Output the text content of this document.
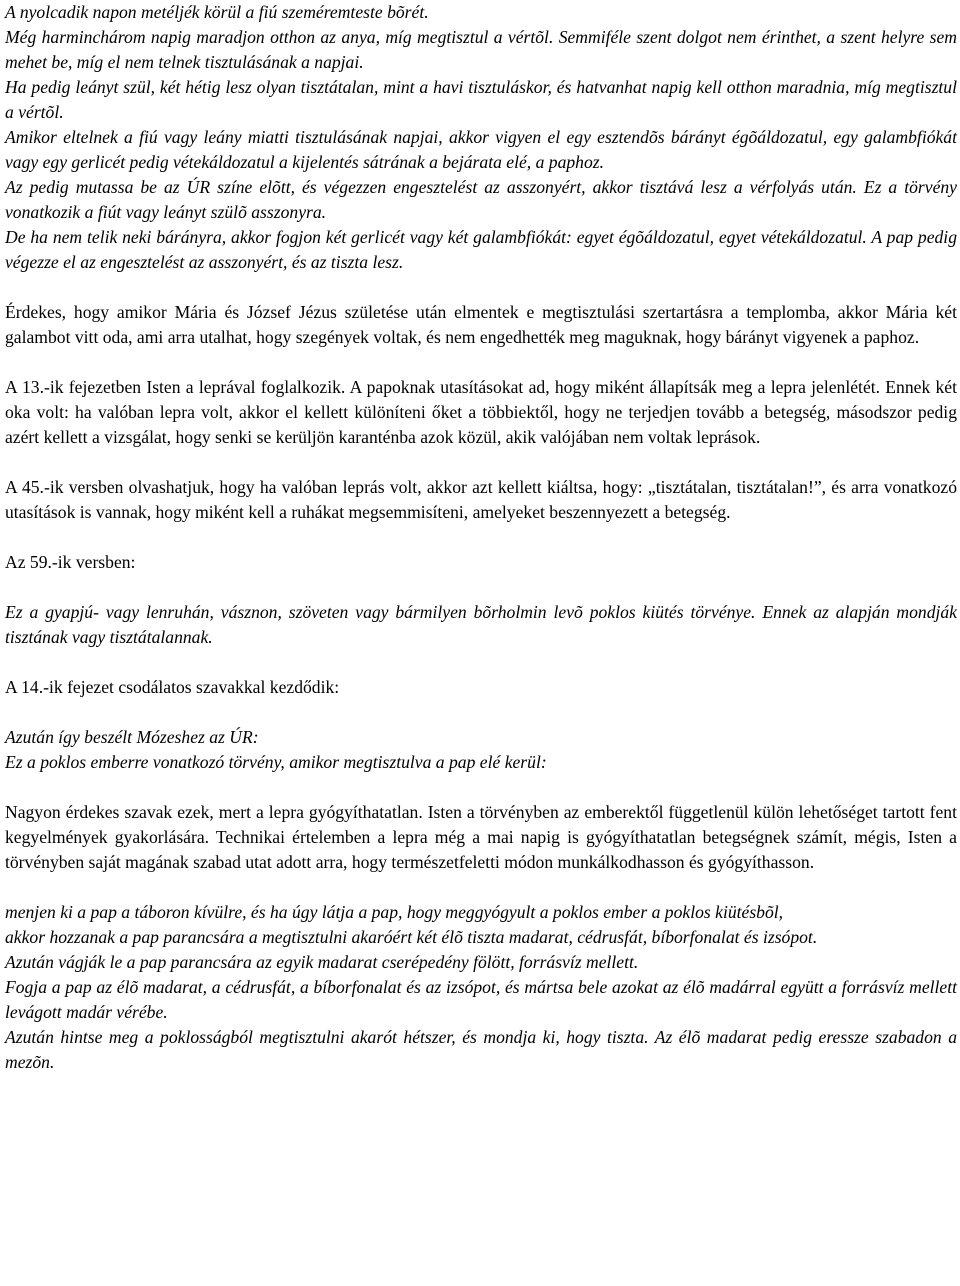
A nyolcadik napon metéljék körül a fiú szeméremteste bõrét.

Még harminchárom napig maradjon otthon az anya, míg megtisztul a vértõl. Semmiféle szent dolgot nem érinthet, a szent helyre sem mehet be, míg el nem telnek tisztulásának a napjai.

Ha pedig leányt szül, két hétig lesz olyan tisztátalan, mint a havi tisztuláskor, és hatvanhat napig kell otthon maradnia, míg megtisztul a vértõl.

Amikor eltelnek a fiú vagy leány miatti tisztulásának napjai, akkor vigyen el egy esztendõs bárányt égõáldozatul, egy galambfiókát vagy egy gerlicét pedig vétekáldozatul a kijelentés sátrának a bejárata elé, a paphoz.

Az pedig mutassa be az ÚR színe elõtt, és végezzen engesztelést az asszonyért, akkor tisztává lesz a vérfolyás után. Ez a törvény vonatkozik a fiút vagy leányt szülõ asszonyra.

De ha nem telik neki bárányra, akkor fogjon két gerlicét vagy két galambfiókát: egyet égõáldozatul, egyet vétekáldozatul. A pap pedig végezze el az engesztelést az asszonyért, és az tiszta lesz.

Érdekes, hogy amikor Mária és József Jézus születése után elmentek e megtisztulási szertartásra a templomba, akkor Mária két galambot vitt oda, ami arra utalhat, hogy szegények voltak, és nem engedhették meg maguknak, hogy bárányt vigyenek a paphoz.

A 13.-ik fejezetben Isten a leprával foglalkozik. A papoknak utasításokat ad, hogy miként állapítsák meg a lepra jelenlétét. Ennek két oka volt: ha valóban lepra volt, akkor el kellett különíteni őket a többiektől, hogy ne terjedjen tovább a betegség, másodszor pedig azért kellett a vizsgálat, hogy senki se kerüljön karanténba azok közül, akik valójában nem voltak leprások.

A 45.-ik versben olvashatjuk, hogy ha valóban leprás volt, akkor azt kellett kiáltsa, hogy: „tisztátalan, tisztátalan!”, és arra vonatkozó utasítások is vannak, hogy miként kell a ruhákat megsemmisíteni, amelyeket beszennyezett a betegség.

Az 59.-ik versben:

Ez a gyapjú- vagy lenruhán, vásznon, szöveten vagy bármilyen bõrholmin levõ poklos kiütés törvénye. Ennek az alapján mondják tisztának vagy tisztátalannak.

A 14.-ik fejezet csodálatos szavakkal kezdődik:

Azután így beszélt Mózeshez az ÚR:

Ez a poklos emberre vonatkozó törvény, amikor megtisztulva a pap elé kerül:

Nagyon érdekes szavak ezek, mert a lepra gyógyíthatatlan. Isten a törvényben az emberektől függetlenül külön lehetőséget tartott fent kegyelmények gyakorlására. Technikai értelemben a lepra még a mai napig is gyógyíthatatlan betegségnek számít, mégis, Isten a törvényben saját magának szabad utat adott arra, hogy természetfeletti módon munkálkodhasson és gyógyíthasson.

menjen ki a pap a táboron kívülre, és ha úgy látja a pap, hogy meggyógyult a poklos ember a poklos kiütésbõl,

akkor hozzanak a pap parancsára a megtisztulni akaróért két élõ tiszta madarat, cédrusfát, bíborfonalat és izsópot.

Azután vágják le a pap parancsára az egyik madarat cserépedény fölött, forrásvíz mellett.

Fogja a pap az élõ madarat, a cédrusfát, a bíborfonalat és az izsópot, és mártsa bele azokat az élõ madárral együtt a forrásvíz mellett levágott madár vérébe.

Azután hintse meg a poklosságból megtisztulni akarót hétszer, és mondja ki, hogy tiszta. Az élõ madarat pedig eressze szabadon a mezõn.
